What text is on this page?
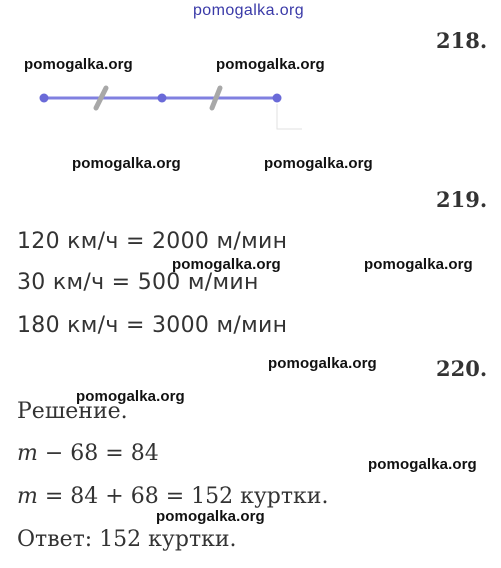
pomogalka.org
218.
pomogalka.org	pomogalka.org
pomogalka.org	pomogalka.org
219.
120 км/ч = 2000 м/мин
pomogalka.org	pomogalka.org
30 км/ч = 500 м/мин
180 км/ч = 3000 м/мин
pomogalka.org	220.
pomogalka.org
Решение.
m − 68 = 84	pomogalka.org
m = 84 + 68 = 152 куртки.
pomogalka.org
Ответ: 152 куртки.
